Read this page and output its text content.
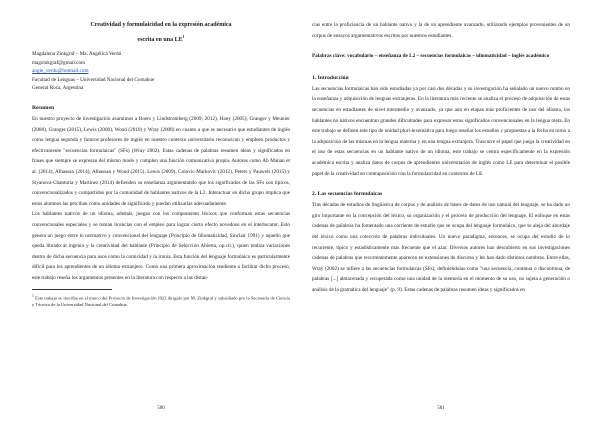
Creatividad y formulaicidad en la expresión académica
escrita en una $LE^1$
Magdalena Zinkgraf – Ma. Angélica Verdú
magzinkgraf@gmail.com
angie_verdu@hotmail.com
Facultad de Lenguas – Universidad Nacional del Comahue
General Roca, Argentina
Resumen

En nuestro proyecto de investigación asumimos a Boers y Lindstromberg (2009; 2012), Hoey (2005), Granger y Meunier (2008), Granger (2015), Lewis (2000), Wood (2010) y Wray (2008) en cuanto a que es necesario que estudiantes de inglés como lengua segunda y futuros profesores de inglés en nuestro contexto universitario reconozcan y empleen productos y efectivamente "secuencias formulaicas" (SFs) (Wray 2002). Estas cadenas de palabras resumen ideas y significados en frases que siempre se expresan del mismo modo y cumplen una función comunicativa propia. Autores como Ab Manan et al. (2014), Alhassan (2014), Alhassan y Wood (2015), Lewis (2009), Colovic-Markovic (2012), Peters y Pauwels (2015) y Siyanova-Chanturia y Martinez (2014) defienden su enseñanza argumentando que los significados de las SFs son típicos, convencionalizados y compartidos por la comunidad de hablantes nativos de la L2. Interactuar en dicho grupo implica que estos alumnos las perciban como unidades de significado y puedan utilizarlas adecuadamente.

Los hablantes nativos de un idioma, además, juegan con los componentes léxicos que conforman estas secuencias convencionales especiales y se toman licencias con el empleo para lograr cierto efecto novedoso en el interlocutor. Esto genera un juego entre lo normativo y convencional del lenguaje (Principio de Idiomaticidad, Sinclair 1991) y aquello que queda librado al ingenio y la creatividad del hablante (Principio de Selección Abierta, op.cit.), quien realiza variaciones dentro de dicha secuencia para usos como la comicidad y la ironía. Esta función del lenguaje formulaico es particularmente difícil para los aprendientes de un idioma extranjero. Como una primera aproximación tendiente a facilitar dicho proceso, este trabajo reseña los argumentos presentes en la literatura con respecto a las distan-

$^1$ Este trabajo se inscribe en el marco del Proyecto de Investigación J023 dirigido por M. Zinkgraf y subsidiado por la Secretaría de Ciencia y Técnica de la Universidad Nacional del Comahue.
580

cias entre la proficiencia de un hablante nativo y la de un aprendiente avanzado, utilizando ejemplos provenientes de un corpus de ensayos argumentativos escritos por nuestros estudiantes.

Palabras clave: vocabulario – enseñanza de L2 – secuencias formulaicas – idiomaticidad – inglés académico
1. Introducción

Las secuencias formulaicas han sido estudiadas ya por casi dos décadas y su investigación ha señalado un nuevo rumbo en la enseñanza y adquisición de lenguas extranjeras. En la literatura más reciente se analiza el proceso de adquisición de estas secuencias en estudiantes de nivel intermedio y avanzado, ya que aún en etapas más proficientes de uso del idioma, los hablantes no nativos encuentran grandes dificultades para expresar estos significados convencionales en la lengua meta. En este trabajo se definen este tipo de unidad pluri-lexemática para luego reseñar los estudios y propuestas a la fecha en torno a la adquisición de las mismas en la lengua materna y en una lengua extranjera. Trascurre el papel que juega la creatividad en el uso de estas secuencias en un hablante nativo de un idioma, este trabajo se centra específicamente en la expresión académica escrita y analiza datos de corpus de aprendientes universitarios de inglés como LE para determinar el posible papel de la creatividad en contraposición con la formulaicidad en contextos de LE.

2. Las secuencias formulaicas

Tras décadas de estudios de lingüística de corpus y de análisis de bases de datos de uso natural del lenguaje, se ha dado un giro importante en la concepción del léxico, su organización y el proceso de producción del lenguaje. El enfoque en estas cadenas de palabras ha fomentado una corriente de estudio que se ocupa del lenguaje formulaico, que se aleja del abordaje del léxico como una colección de palabras individuales. Un nuevo paradigma, entonces, se ocupa del estudio de lo recurrente, típico y estadísticamente más frecuente que el azar. Diversos autores han descubierto en sus investigaciones cadenas de palabras que recurrentemente aparecen en extensiones de discurso y les han dado distintos nombres. Entre ellas, Wray (2002) se refiere a las secuencias formulaicas (SFs), definiéndolas como "una secuencia, continua o discontinua, de palabras [...] almacenada y recuperada como una unidad de la memoria en el momento de su uso, no sujeta a generación o análisis de la gramática del lenguaje" (p. 9). Estas cadenas de palabras resumen ideas y significados en

581
